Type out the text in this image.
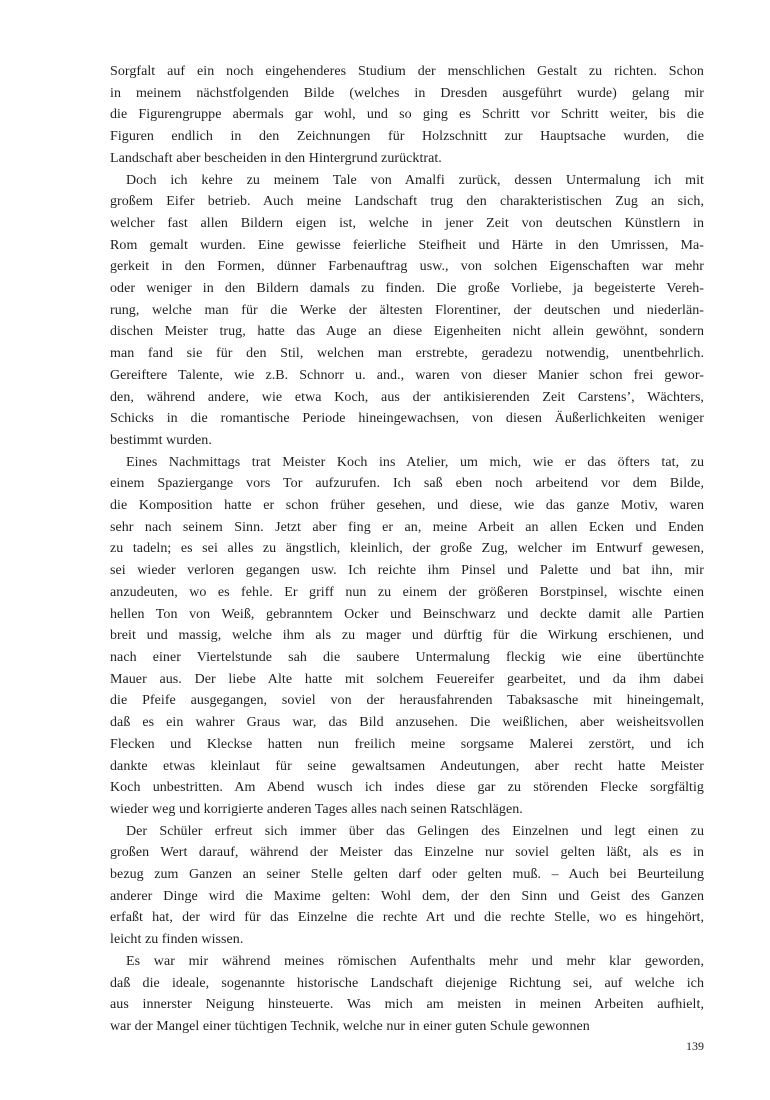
Sorgfalt auf ein noch eingehenderes Studium der menschlichen Gestalt zu richten. Schon
in meinem nächstfolgenden Bilde (welches in Dresden ausgeführt wurde) gelang mir
die Figurengruppe abermals gar wohl, und so ging es Schritt vor Schritt weiter, bis die
Figuren endlich in den Zeichnungen für Holzschnitt zur Hauptsache wurden, die
Landschaft aber bescheiden in den Hintergrund zurücktrat.

Doch ich kehre zu meinem Tale von Amalfi zurück, dessen Untermalung ich mit
großem Eifer betrieb. Auch meine Landschaft trug den charakteristischen Zug an sich,
welcher fast allen Bildern eigen ist, welche in jener Zeit von deutschen Künstlern in
Rom gemalt wurden. Eine gewisse feierliche Steifheit und Härte in den Umrissen, Ma-
gerkeit in den Formen, dünner Farbenauftrag usw., von solchen Eigenschaften war mehr
oder weniger in den Bildern damals zu finden. Die große Vorliebe, ja begeisterte Vereh-
rung, welche man für die Werke der ältesten Florentiner, der deutschen und niederlän-
dischen Meister trug, hatte das Auge an diese Eigenheiten nicht allein gewöhnt, sondern
man fand sie für den Stil, welchen man erstrebte, geradezu notwendig, unentbehrlich.
Gereiftere Talente, wie z.B. Schnorr u. and., waren von dieser Manier schon frei gewor-
den, während andere, wie etwa Koch, aus der antikisierenden Zeit Carstens’, Wächters,
Schicks in die romantische Periode hineingewachsen, von diesen Äußerlichkeiten weniger
bestimmt wurden.

Eines Nachmittags trat Meister Koch ins Atelier, um mich, wie er das öfters tat, zu
einem Spaziergange vors Tor aufzurufen. Ich saß eben noch arbeitend vor dem Bilde,
die Komposition hatte er schon früher gesehen, und diese, wie das ganze Motiv, waren
sehr nach seinem Sinn. Jetzt aber fing er an, meine Arbeit an allen Ecken und Enden
zu tadeln; es sei alles zu ängstlich, kleinlich, der große Zug, welcher im Entwurf gewesen,
sei wieder verloren gegangen usw. Ich reichte ihm Pinsel und Palette und bat ihn, mir
anzudeuten, wo es fehle. Er griff nun zu einem der größeren Borstpinsel, wischte einen
hellen Ton von Weiß, gebranntem Ocker und Beinschwarz und deckte damit alle Partien
breit und massig, welche ihm als zu mager und dürftig für die Wirkung erschienen, und
nach einer Viertelstunde sah die saubere Untermalung fleckig wie eine übertünchte
Mauer aus. Der liebe Alte hatte mit solchem Feuereifer gearbeitet, und da ihm dabei
die Pfeife ausgegangen, soviel von der herausfahrenden Tabaksasche mit hineingemalt,
daß es ein wahrer Graus war, das Bild anzusehen. Die weißlichen, aber weisheitsvollen
Flecken und Kleckse hatten nun freilich meine sorgsame Malerei zerstört, und ich
dankte etwas kleinlaut für seine gewaltsamen Andeutungen, aber recht hatte Meister
Koch unbestritten. Am Abend wusch ich indes diese gar zu störenden Flecke sorgfältig
wieder weg und korrigierte anderen Tages alles nach seinen Ratschlägen.

Der Schüler erfreut sich immer über das Gelingen des Einzelnen und legt einen zu
großen Wert darauf, während der Meister das Einzelne nur soviel gelten läßt, als es in
bezug zum Ganzen an seiner Stelle gelten darf oder gelten muß. – Auch bei Beurteilung
anderer Dinge wird die Maxime gelten: Wohl dem, der den Sinn und Geist des Ganzen
erfaßt hat, der wird für das Einzelne die rechte Art und die rechte Stelle, wo es hingehört,
leicht zu finden wissen.

Es war mir während meines römischen Aufenthalts mehr und mehr klar geworden,
daß die ideale, sogenannte historische Landschaft diejenige Richtung sei, auf welche ich
aus innerster Neigung hinsteuerte. Was mich am meisten in meinen Arbeiten aufhielt,
war der Mangel einer tüchtigen Technik, welche nur in einer guten Schule gewonnen

139
